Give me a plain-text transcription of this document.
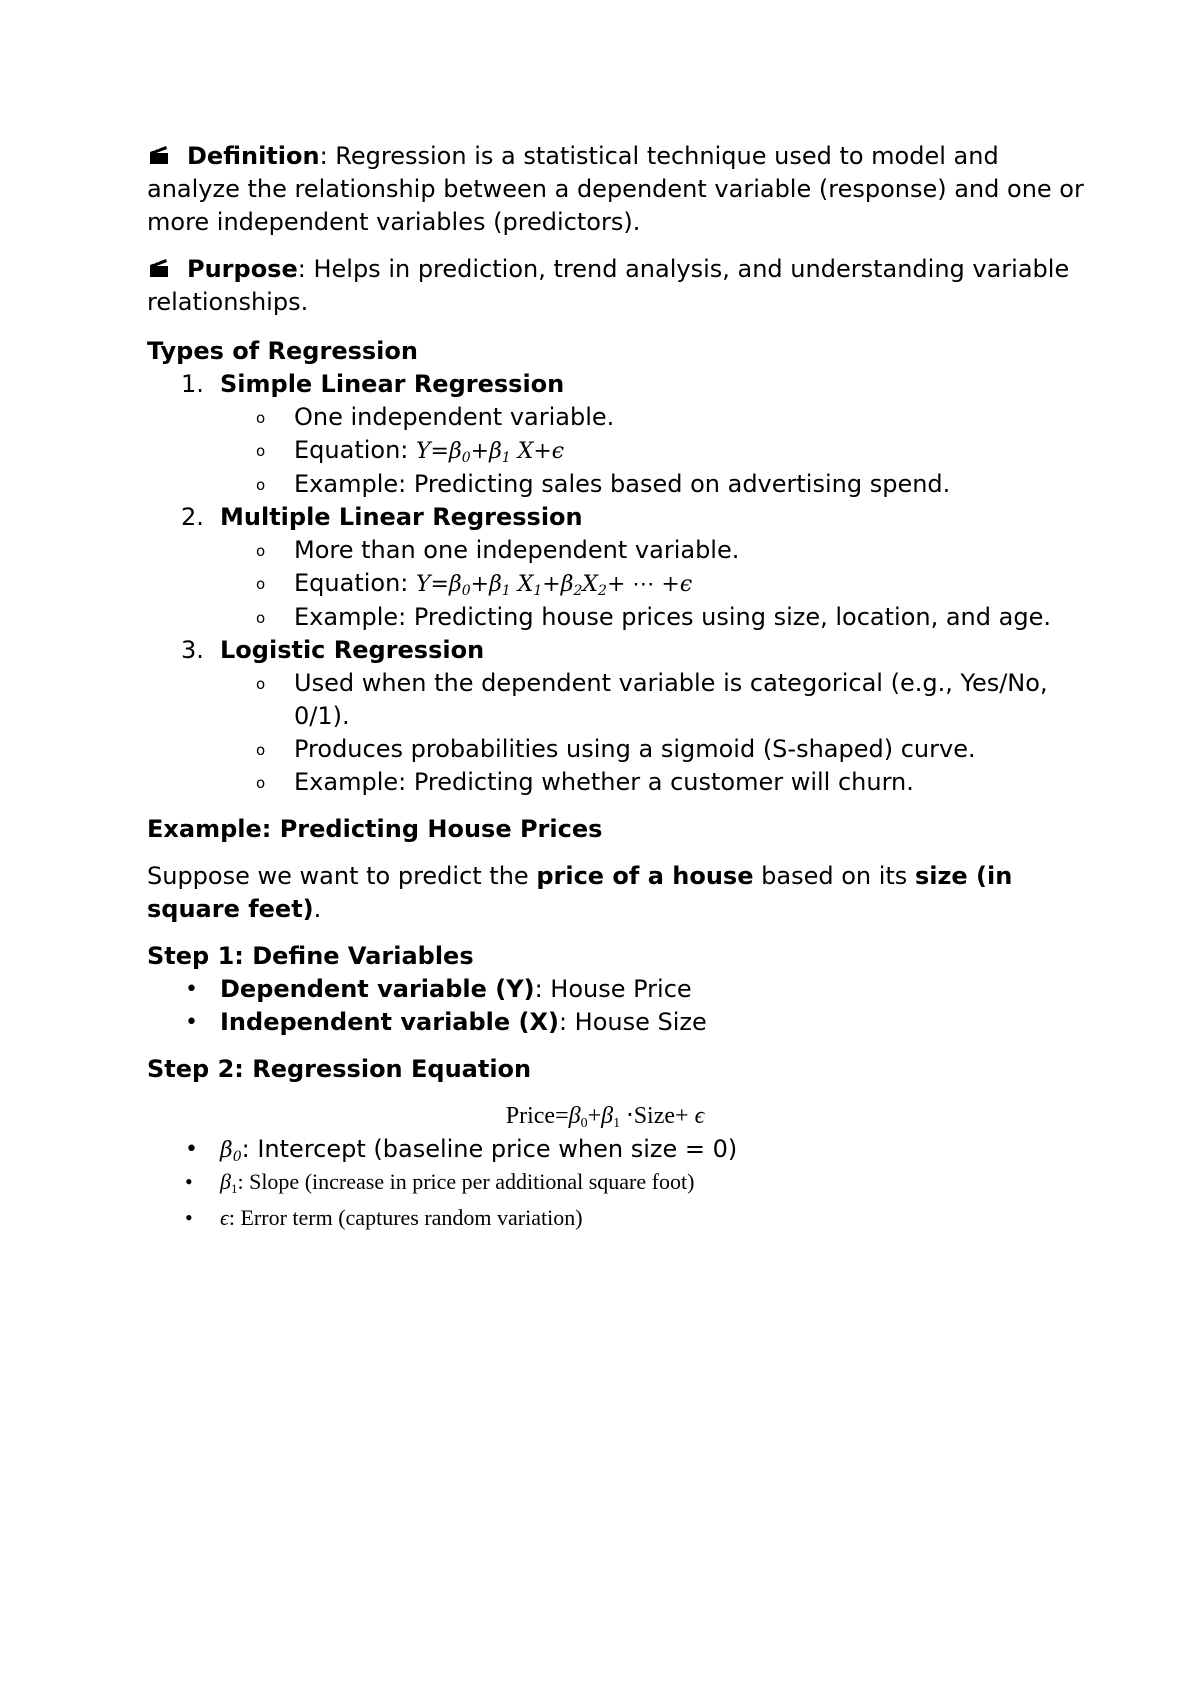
Definition: Regression is a statistical technique used to model and analyze the relationship between a dependent variable (response) and one or more independent variables (predictors).

Purpose: Helps in prediction, trend analysis, and understanding variable relationships.

Types of Regression

1. Simple Linear Regression

o One independent variable.

o Equation: $Y=\beta_0+\beta_1$ X+ϵ

o Example: Predicting sales based on advertising spend.

2. Multiple Linear Regression

o More than one independent variable.

o Equation: $Y=\beta_0+\beta_1$ $X_1+\beta_2X_2+$ ⋯ +ϵ

o Example: Predicting house prices using size, location, and age.

3. Logistic Regression

o Used when the dependent variable is categorical (e.g., Yes/No, 0/1).

o Produces probabilities using a sigmoid (S-shaped) curve.

o Example: Predicting whether a customer will churn.

Example: Predicting House Prices

Suppose we want to predict the price of a house based on its size (in square feet).

Step 1: Define Variables

• Dependent variable (Y): House Price

• Independent variable (X): House Size

Step 2: Regression Equation

$Price=\beta_0+\beta_1$ ⋅Size+ ϵ

• $\beta_0$: Intercept (baseline price when size = 0)

• $\beta_1$: Slope (increase in price per additional square foot)

• ϵ: Error term (captures random variation)
